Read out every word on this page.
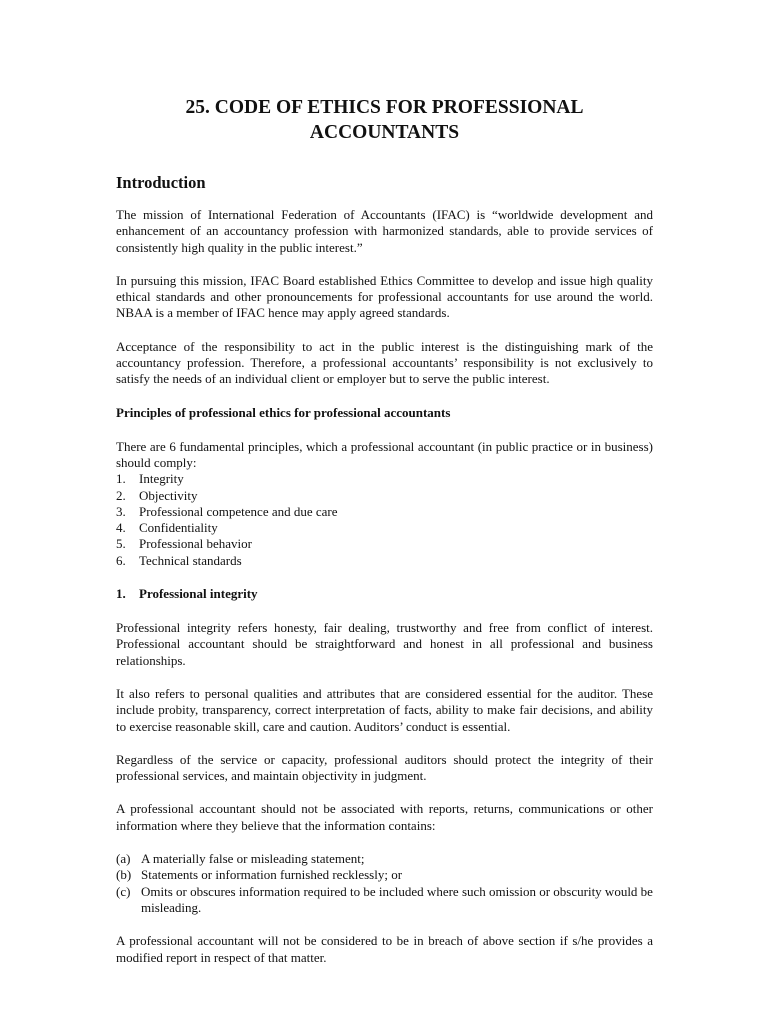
25. CODE OF ETHICS FOR PROFESSIONAL
ACCOUNTANTS
Introduction

The mission of International Federation of Accountants (IFAC) is “worldwide development and enhancement of an accountancy profession with harmonized standards, able to provide services of consistently high quality in the public interest.”

In pursuing this mission, IFAC Board established Ethics Committee to develop and issue high quality ethical standards and other pronouncements for professional accountants for use around the world. NBAA is a member of IFAC hence may apply agreed standards.

Acceptance of the responsibility to act in the public interest is the distinguishing mark of the accountancy profession. Therefore, a professional accountants’ responsibility is not exclusively to satisfy the needs of an individual client or employer but to serve the public interest.

Principles of professional ethics for professional accountants

There are 6 fundamental principles, which a professional accountant (in public practice or in business) should comply:

1.	Integrity
2.	Objectivity
3.	Professional competence and due care
4.	Confidentiality
5.	Professional behavior
6.	Technical standards
1.	Professional integrity

Professional integrity refers honesty, fair dealing, trustworthy and free from conflict of interest. Professional accountant should be straightforward and honest in all professional and business relationships.

It also refers to personal qualities and attributes that are considered essential for the auditor. These include probity, transparency, correct interpretation of facts, ability to make fair decisions, and ability to exercise reasonable skill, care and caution. Auditors’ conduct is essential.

Regardless of the service or capacity, professional auditors should protect the integrity of their professional services, and maintain objectivity in judgment.

A professional accountant should not be associated with reports, returns, communications or other information where they believe that the information contains:

(a) A materially false or misleading statement;
(b) Statements or information furnished recklessly; or
(c) Omits or obscures information required to be included where such omission or obscurity would be misleading.

A professional accountant will not be considered to be in breach of above section if s/he provides a modified report in respect of that matter.
